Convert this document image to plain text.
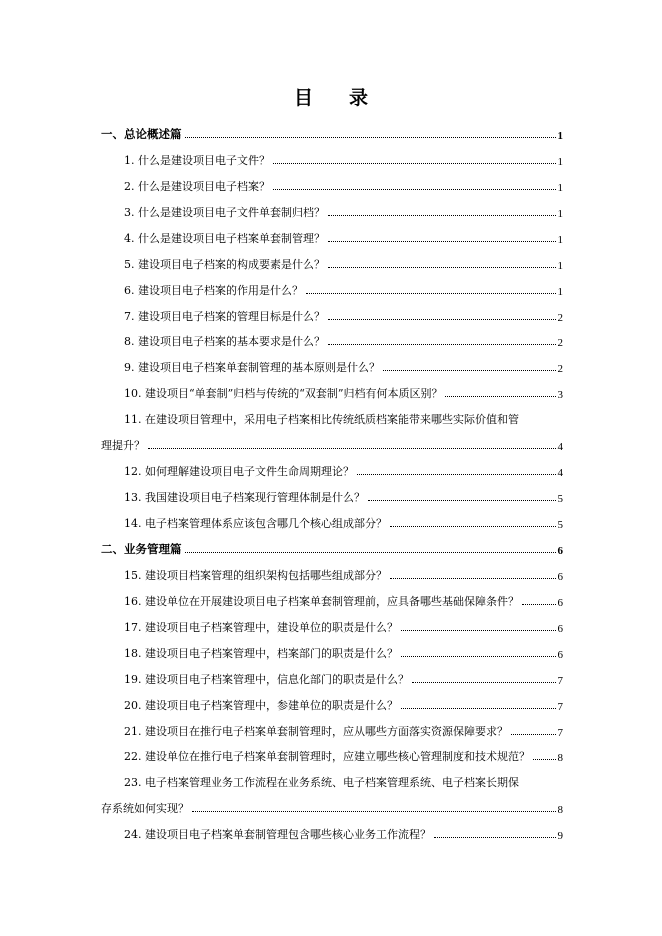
目 录
一、总论概述篇	1
1. 什么是建设项目电子文件？	1
2. 什么是建设项目电子档案？	1
3. 什么是建设项目电子文件单套制归档？	1
4. 什么是建设项目电子档案单套制管理？	1
5. 建设项目电子档案的构成要素是什么？	1
6. 建设项目电子档案的作用是什么？	1
7. 建设项目电子档案的管理目标是什么？	2
8. 建设项目电子档案的基本要求是什么？	2
9. 建设项目电子档案单套制管理的基本原则是什么？	2
10. 建设项目“单套制”归档与传统的“双套制”归档有何本质区别？	3
11. 在建设项目管理中，采用电子档案相比传统纸质档案能带来哪些实际价值和管
理提升？	4
12. 如何理解建设项目电子文件生命周期理论？	4
13. 我国建设项目电子档案现行管理体制是什么？	5
14. 电子档案管理体系应该包含哪几个核心组成部分？	5
二、业务管理篇	6
15. 建设项目档案管理的组织架构包括哪些组成部分？	6
16. 建设单位在开展建设项目电子档案单套制管理前，应具备哪些基础保障条件？	6
17. 建设项目电子档案管理中，建设单位的职责是什么？	6
18. 建设项目电子档案管理中，档案部门的职责是什么？	6
19. 建设项目电子档案管理中，信息化部门的职责是什么？	7
20. 建设项目电子档案管理中，参建单位的职责是什么？	7
21. 建设项目在推行电子档案单套制管理时，应从哪些方面落实资源保障要求？	7
22. 建设单位在推行电子档案单套制管理时，应建立哪些核心管理制度和技术规范？	8
23. 电子档案管理业务工作流程在业务系统、电子档案管理系统、电子档案长期保
存系统如何实现？	8
24. 建设项目电子档案单套制管理包含哪些核心业务工作流程？	9
